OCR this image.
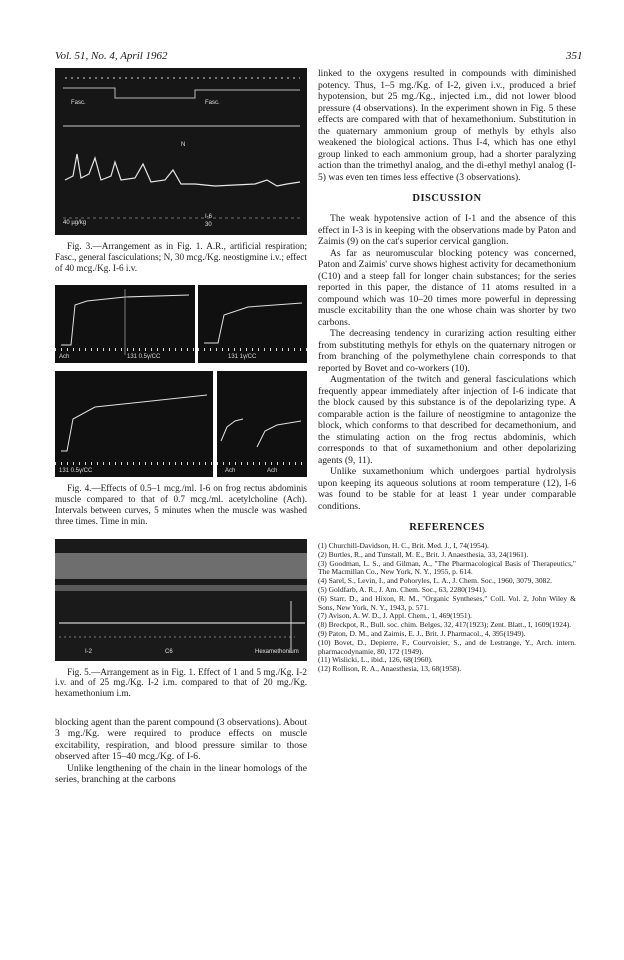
Vol. 51, No. 4, April 1962	351
Fasc.	Fasc.
N
40 µg/kg
I-6
30

Fig. 3.—Arrangement as in Fig. 1. A.R., artificial respiration; Fasc., general fasciculations; N, 30 mcg./Kg. neostigmine i.v.; effect of 40 mcg./Kg. I-6 i.v.

Ach	131 0.5γ/CC	131 1γ/CC
131 0.5γ/CC	Ach	Ach

Fig. 4.—Effects of 0.5–1 mcg./ml. I-6 on frog rectus abdominis muscle compared to that of 0.7 mcg./ml. acetylcholine (Ach). Intervals between curves, 5 minutes when the muscle was washed three times. Time in min.

I-2	C6	Hexamethonium

Fig. 5.—Arrangement as in Fig. 1. Effect of 1 and 5 mg./Kg. I-2 i.v. and of 25 mg./Kg. I-2 i.m. compared to that of 20 mg./Kg. hexamethonium i.m.

blocking agent than the parent compound (3 observations). About 3 mg./Kg. were required to produce effects on muscle excitability, respiration, and blood pressure similar to those observed after 15–40 mcg./Kg. of I-6.

Unlike lengthening of the chain in the linear homologs of the series, branching at the carbons

linked to the oxygens resulted in compounds with diminished potency. Thus, 1–5 mg./Kg. of I-2, given i.v., produced a brief hypotension, but 25 mg./Kg., injected i.m., did not lower blood pressure (4 observations). In the experiment shown in Fig. 5 these effects are compared with that of hexamethonium. Substitution in the quaternary ammonium group of methyls by ethyls also weakened the biological actions. Thus I-4, which has one ethyl group linked to each ammonium group, had a shorter paralyzing action than the trimethyl analog, and the di-ethyl methyl analog (I-5) was even ten times less effective (3 observations).

DISCUSSION

The weak hypotensive action of I-1 and the absence of this effect in I-3 is in keeping with the observations made by Paton and Zaimis (9) on the cat's superior cervical ganglion.

As far as neuromuscular blocking potency was concerned, Paton and Zaimis' curve shows highest activity for decamethonium (C10) and a steep fall for longer chain substances; for the series reported in this paper, the distance of 11 atoms resulted in a compound which was 10–20 times more powerful in depressing muscle excitability than the one whose chain was shorter by two carbons.

The decreasing tendency in curarizing action resulting either from substituting methyls for ethyls on the quaternary nitrogen or from branching of the polymethylene chain corresponds to that reported by Bovet and co-workers (10).

Augmentation of the twitch and general fasciculations which frequently appear immediately after injection of I-6 indicate that the block caused by this substance is of the depolarizing type. A comparable action is the failure of neostigmine to antagonize the block, which conforms to that described for decamethonium, and the stimulating action on the frog rectus abdominis, which corresponds to that of suxamethonium and other depolarizing agents (9, 11).

Unlike suxamethonium which undergoes partial hydrolysis upon keeping its aqueous solutions at room temperature (12), I-6 was found to be stable for at least 1 year under comparable conditions.

REFERENCES

(1) Churchill-Davidson, H. C., Brit. Med. J., I, 74(1954).

(2) Burtles, R., and Tunstall, M. E., Brit. J. Anaesthesia, 33, 24(1961).

(3) Goodman, L. S., and Gilman, A., "The Pharmacological Basis of Therapeutics," The Macmillan Co., New York, N. Y., 1955, p. 614.

(4) Sarel, S., Levin, I., and Pohoryles, L. A., J. Chem. Soc., 1960, 3079, 3082.

(5) Goldfarb, A. R., J. Am. Chem. Soc., 63, 2280(1941).

(6) Starr, D., and Hixon, R. M., "Organic Syntheses," Coll. Vol. 2, John Wiley & Sons, New York, N. Y., 1943, p. 571.

(7) Avison, A. W. D., J. Appl. Chem., 1, 469(1951).

(8) Breckpot, R., Bull. soc. chim. Belges, 32, 417(1923); Zent. Blatt., I, 1609(1924).

(9) Paton, D. M., and Zaimis, E. J., Brit. J. Pharmacol., 4, 395(1949).

(10) Bovet, D., Depierre, F., Courvoisier, S., and de Lestrange, Y., Arch. intern. pharmacodynamie, 80, 172 (1949).

(11) Wislicki, L., ibid., 126, 68(1960).

(12) Rollison, R. A., Anaesthesia, 13, 68(1958).
